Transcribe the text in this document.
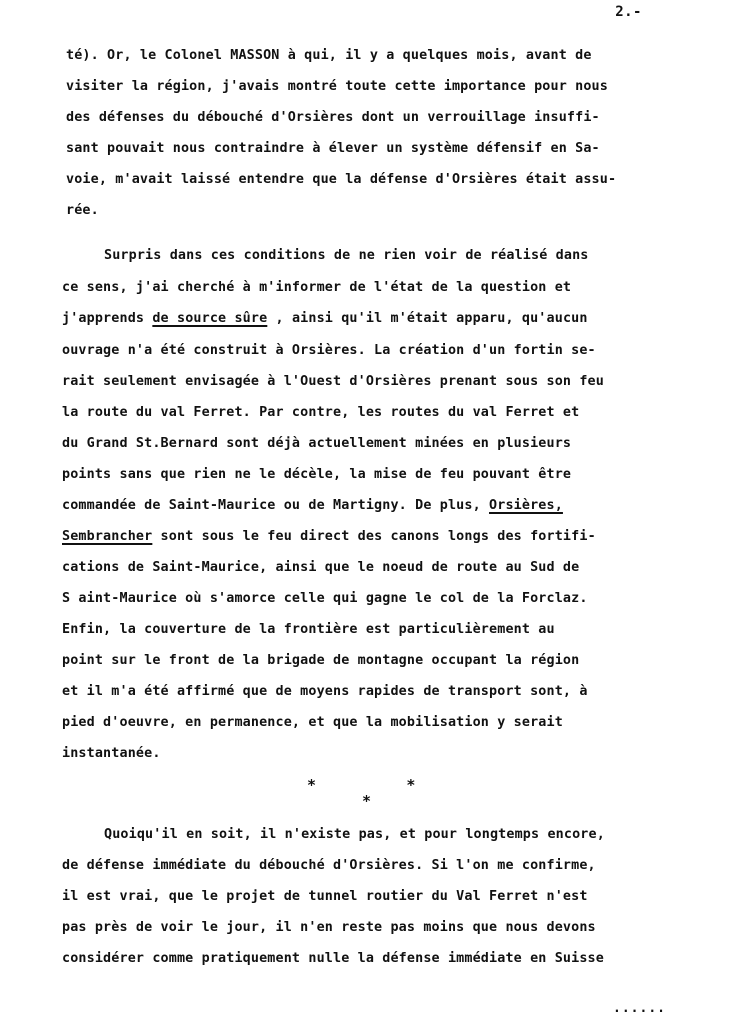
2.-
té). Or, le Colonel MASSON à qui, il y a quelques mois, avant de
visiter la région, j'avais montré toute cette importance pour nous
des défenses du débouché d'Orsières dont un verrouillage insuffi-
sant pouvait nous contraindre à élever un système défensif en Sa-
voie, m'avait laissé entendre que la défense d'Orsières était assu-
rée.
Surpris dans ces conditions de ne rien voir de réalisé dans
ce sens, j'ai cherché à m'informer de l'état de la question et
j'apprends de source sûre , ainsi qu'il m'était apparu, qu'aucun
ouvrage n'a été construit à Orsières. La création d'un fortin se-
rait seulement envisagée à l'Ouest d'Orsières prenant sous son feu
la route du val Ferret. Par contre, les routes du val Ferret et
du Grand St.Bernard sont déjà actuellement minées en plusieurs
points sans que rien ne le décèle, la mise de feu pouvant être
commandée de Saint-Maurice ou de Martigny. De plus, Orsières,
Sembrancher sont sous le feu direct des canons longs des fortifi-
cations de Saint-Maurice, ainsi que le noeud de route au Sud de
S aint-Maurice où s'amorce celle qui gagne le col de la Forclaz.
Enfin, la couverture de la frontière est particulièrement au
point sur le front de la brigade de montagne occupant la région
et il m'a été affirmé que de moyens rapides de transport sont, à
pied d'oeuvre, en permanence, et que la mobilisation y serait
instantanée.
*          *
*
Quoiqu'il en soit, il n'existe pas, et pour longtemps encore,
de défense immédiate du débouché d'Orsières. Si l'on me confirme,
il est vrai, que le projet de tunnel routier du Val Ferret n'est
pas près de voir le jour, il n'en reste pas moins que nous devons
considérer comme pratiquement nulle la défense immédiate en Suisse
......
